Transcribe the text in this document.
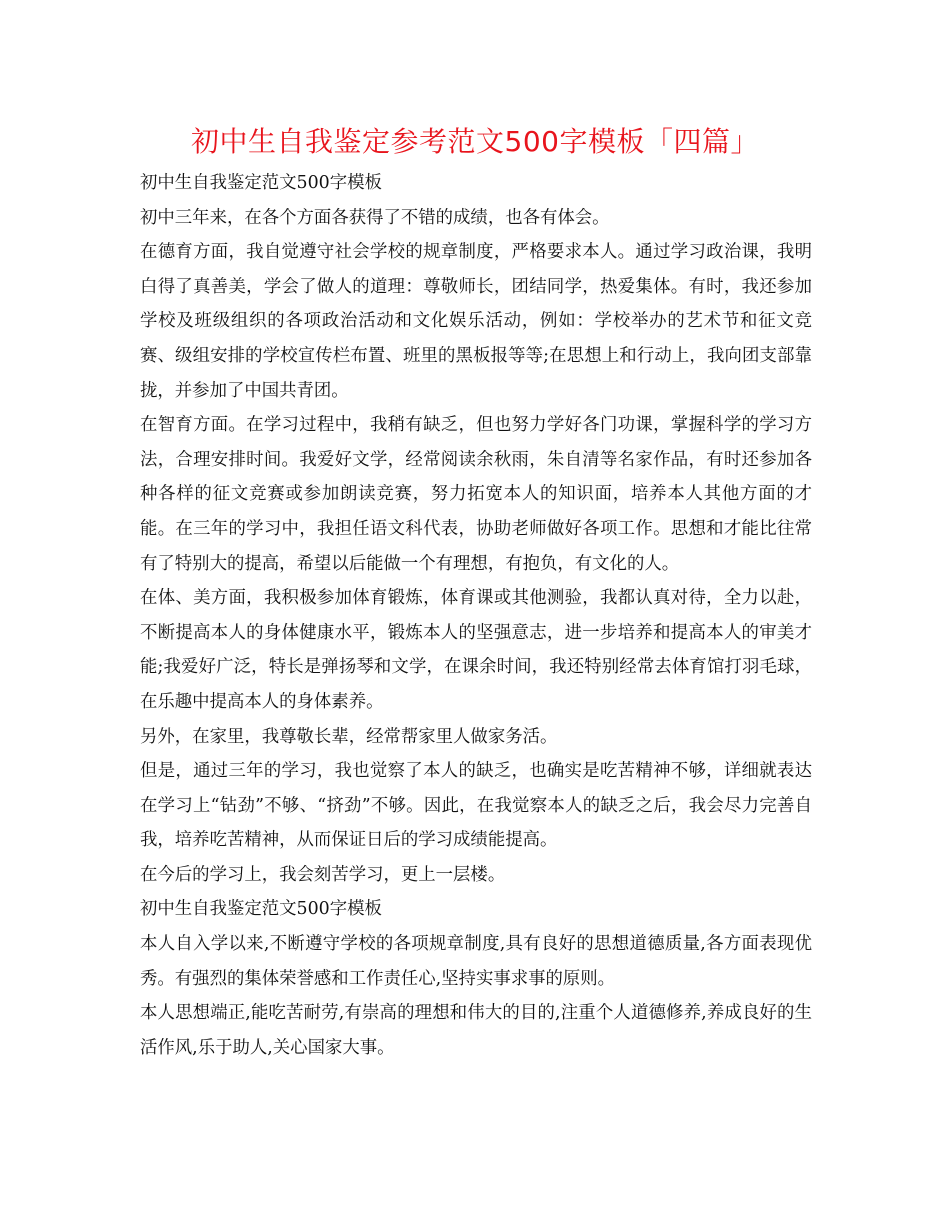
初中生自我鉴定参考范文500字模板「四篇」

初中生自我鉴定范文500字模板

初中三年来，在各个方面各获得了不错的成绩，也各有体会。

在德育方面，我自觉遵守社会学校的规章制度，严格要求本人。通过学习政治课，我明白得了真善美，学会了做人的道理：尊敬师长，团结同学，热爱集体。有时，我还参加学校及班级组织的各项政治活动和文化娱乐活动，例如：学校举办的艺术节和征文竞赛、级组安排的学校宣传栏布置、班里的黑板报等等;在思想上和行动上，我向团支部靠拢，并参加了中国共青团。

在智育方面。在学习过程中，我稍有缺乏，但也努力学好各门功课，掌握科学的学习方法，合理安排时间。我爱好文学，经常阅读余秋雨，朱自清等名家作品，有时还参加各种各样的征文竞赛或参加朗读竞赛，努力拓宽本人的知识面，培养本人其他方面的才能。在三年的学习中，我担任语文科代表，协助老师做好各项工作。思想和才能比往常有了特别大的提高，希望以后能做一个有理想，有抱负，有文化的人。

在体、美方面，我积极参加体育锻炼，体育课或其他测验，我都认真对待，全力以赴，不断提高本人的身体健康水平，锻炼本人的坚强意志，进一步培养和提高本人的审美才能;我爱好广泛，特长是弹扬琴和文学，在课余时间，我还特别经常去体育馆打羽毛球，在乐趣中提高本人的身体素养。

另外，在家里，我尊敬长辈，经常帮家里人做家务活。

但是，通过三年的学习，我也觉察了本人的缺乏，也确实是吃苦精神不够，详细就表达在学习上“钻劲”不够、“挤劲”不够。因此，在我觉察本人的缺乏之后，我会尽力完善自我，培养吃苦精神，从而保证日后的学习成绩能提高。

在今后的学习上，我会刻苦学习，更上一层楼。

初中生自我鉴定范文500字模板

本人自入学以来,不断遵守学校的各项规章制度,具有良好的思想道德质量,各方面表现优秀。有强烈的集体荣誉感和工作责任心,坚持实事求事的原则。

本人思想端正,能吃苦耐劳,有崇高的理想和伟大的目的,注重个人道德修养,养成良好的生活作风,乐于助人,关心国家大事。
